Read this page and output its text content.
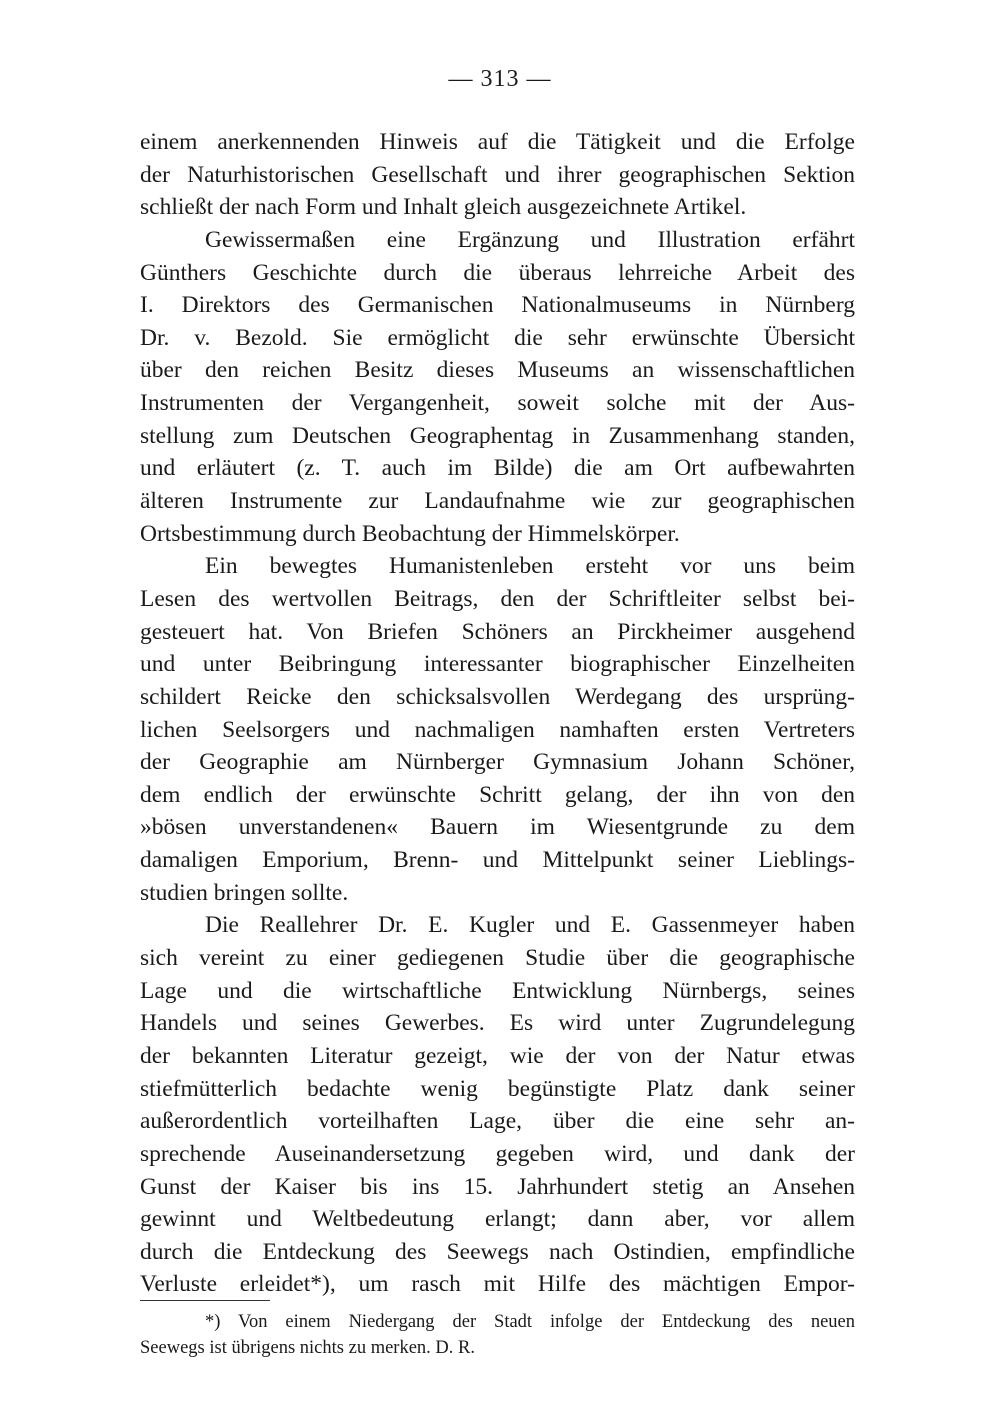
— 313 —
einem anerkennenden Hinweis auf die Tätigkeit und die Erfolge
der Naturhistorischen Gesellschaft und ihrer geographischen Sektion
schließt der nach Form und Inhalt gleich ausgezeichnete Artikel.
Gewissermaßen eine Ergänzung und Illustration erfährt
Günthers Geschichte durch die überaus lehrreiche Arbeit des
I. Direktors des Germanischen Nationalmuseums in Nürnberg
Dr. v. Bezold. Sie ermöglicht die sehr erwünschte Übersicht
über den reichen Besitz dieses Museums an wissenschaftlichen
Instrumenten der Vergangenheit, soweit solche mit der Aus-
stellung zum Deutschen Geographentag in Zusammenhang standen,
und erläutert (z. T. auch im Bilde) die am Ort aufbewahrten
älteren Instrumente zur Landaufnahme wie zur geographischen
Ortsbestimmung durch Beobachtung der Himmelskörper.
Ein bewegtes Humanistenleben ersteht vor uns beim
Lesen des wertvollen Beitrags, den der Schriftleiter selbst bei-
gesteuert hat. Von Briefen Schöners an Pirckheimer ausgehend
und unter Beibringung interessanter biographischer Einzelheiten
schildert Reicke den schicksalsvollen Werdegang des ursprüng-
lichen Seelsorgers und nachmaligen namhaften ersten Vertreters
der Geographie am Nürnberger Gymnasium Johann Schöner,
dem endlich der erwünschte Schritt gelang, der ihn von den
»bösen unverstandenen« Bauern im Wiesentgrunde zu dem
damaligen Emporium, Brenn- und Mittelpunkt seiner Lieblings-
studien bringen sollte.
Die Reallehrer Dr. E. Kugler und E. Gassenmeyer haben
sich vereint zu einer gediegenen Studie über die geographische
Lage und die wirtschaftliche Entwicklung Nürnbergs, seines
Handels und seines Gewerbes. Es wird unter Zugrundelegung
der bekannten Literatur gezeigt, wie der von der Natur etwas
stiefmütterlich bedachte wenig begünstigte Platz dank seiner
außerordentlich vorteilhaften Lage, über die eine sehr an-
sprechende Auseinandersetzung gegeben wird, und dank der
Gunst der Kaiser bis ins 15. Jahrhundert stetig an Ansehen
gewinnt und Weltbedeutung erlangt; dann aber, vor allem
durch die Entdeckung des Seewegs nach Ostindien, empfindliche
Verluste erleidet*), um rasch mit Hilfe des mächtigen Empor-
*) Von einem Niedergang der Stadt infolge der Entdeckung des neuen
Seewegs ist übrigens nichts zu merken. D. R.
